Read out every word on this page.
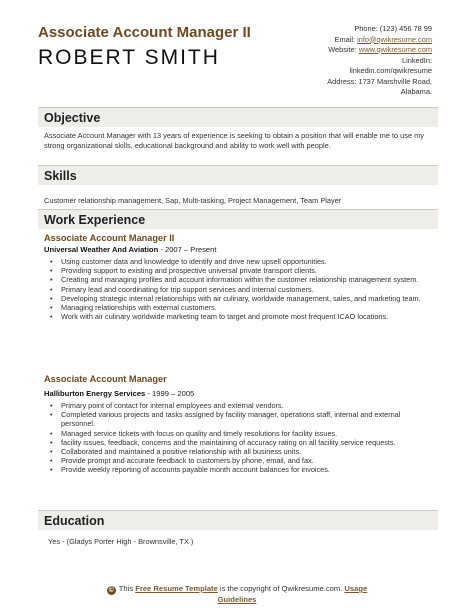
Associate Account Manager II
ROBERT SMITH
Phone: (123) 456 78 99
Email: info@qwikresume.com
Website: www.qwikresume.com
LinkedIn:
linkedin.com/qwikresume
Address: 1737 Marshville Road,
Alabama.
Objective
Associate Account Manager with 13 years of experience is seeking to obtain a position that will enable me to use my strong organizational skills, educational background and ability to work well with people.
Skills
Customer relationship management, Sap, Multi-tasking, Project Management, Team Player
Work Experience
Associate Account Manager II
Universal Weather And Aviation - 2007 – Present
• Using customer data and knowledge to identify and drive new upsell opportunities.
• Providing support to existing and prospective universal private transport clients.
• Creating and managing profiles and account information within the customer relationship management system.
• Primary lead and coordinating for trip support services and internal customers.
• Developing strategic internal relationships with air culinary, worldwide management, sales, and marketing team.
• Managing relationships with external customers.
• Work with air culinary worldwide marketing team to target and promote most frequent ICAO locations.
Associate Account Manager
Halliburton Energy Services - 1999 – 2005
• Primary point of contact for internal employees and external vendors.
• Completed various projects and tasks assigned by facility manager, operations staff, internal and external personnel.
• Managed service tickets with focus on quality and timely resolutions for facility issues.
• facility issues, feedback, concerns and the maintaining of accuracy rating on all facility service requests.
• Collaborated and maintained a positive relationship with all business units.
• Provide prompt and accurate feedback to customers by phone, email, and fax.
• Provide weekly reporting of accounts payable month account balances for invoices.
Education
Yes - (Gladys Porter High - Brownsville, TX )
© This Free Resume Template is the copyright of Qwikresume.com. Usage
Guidelines
